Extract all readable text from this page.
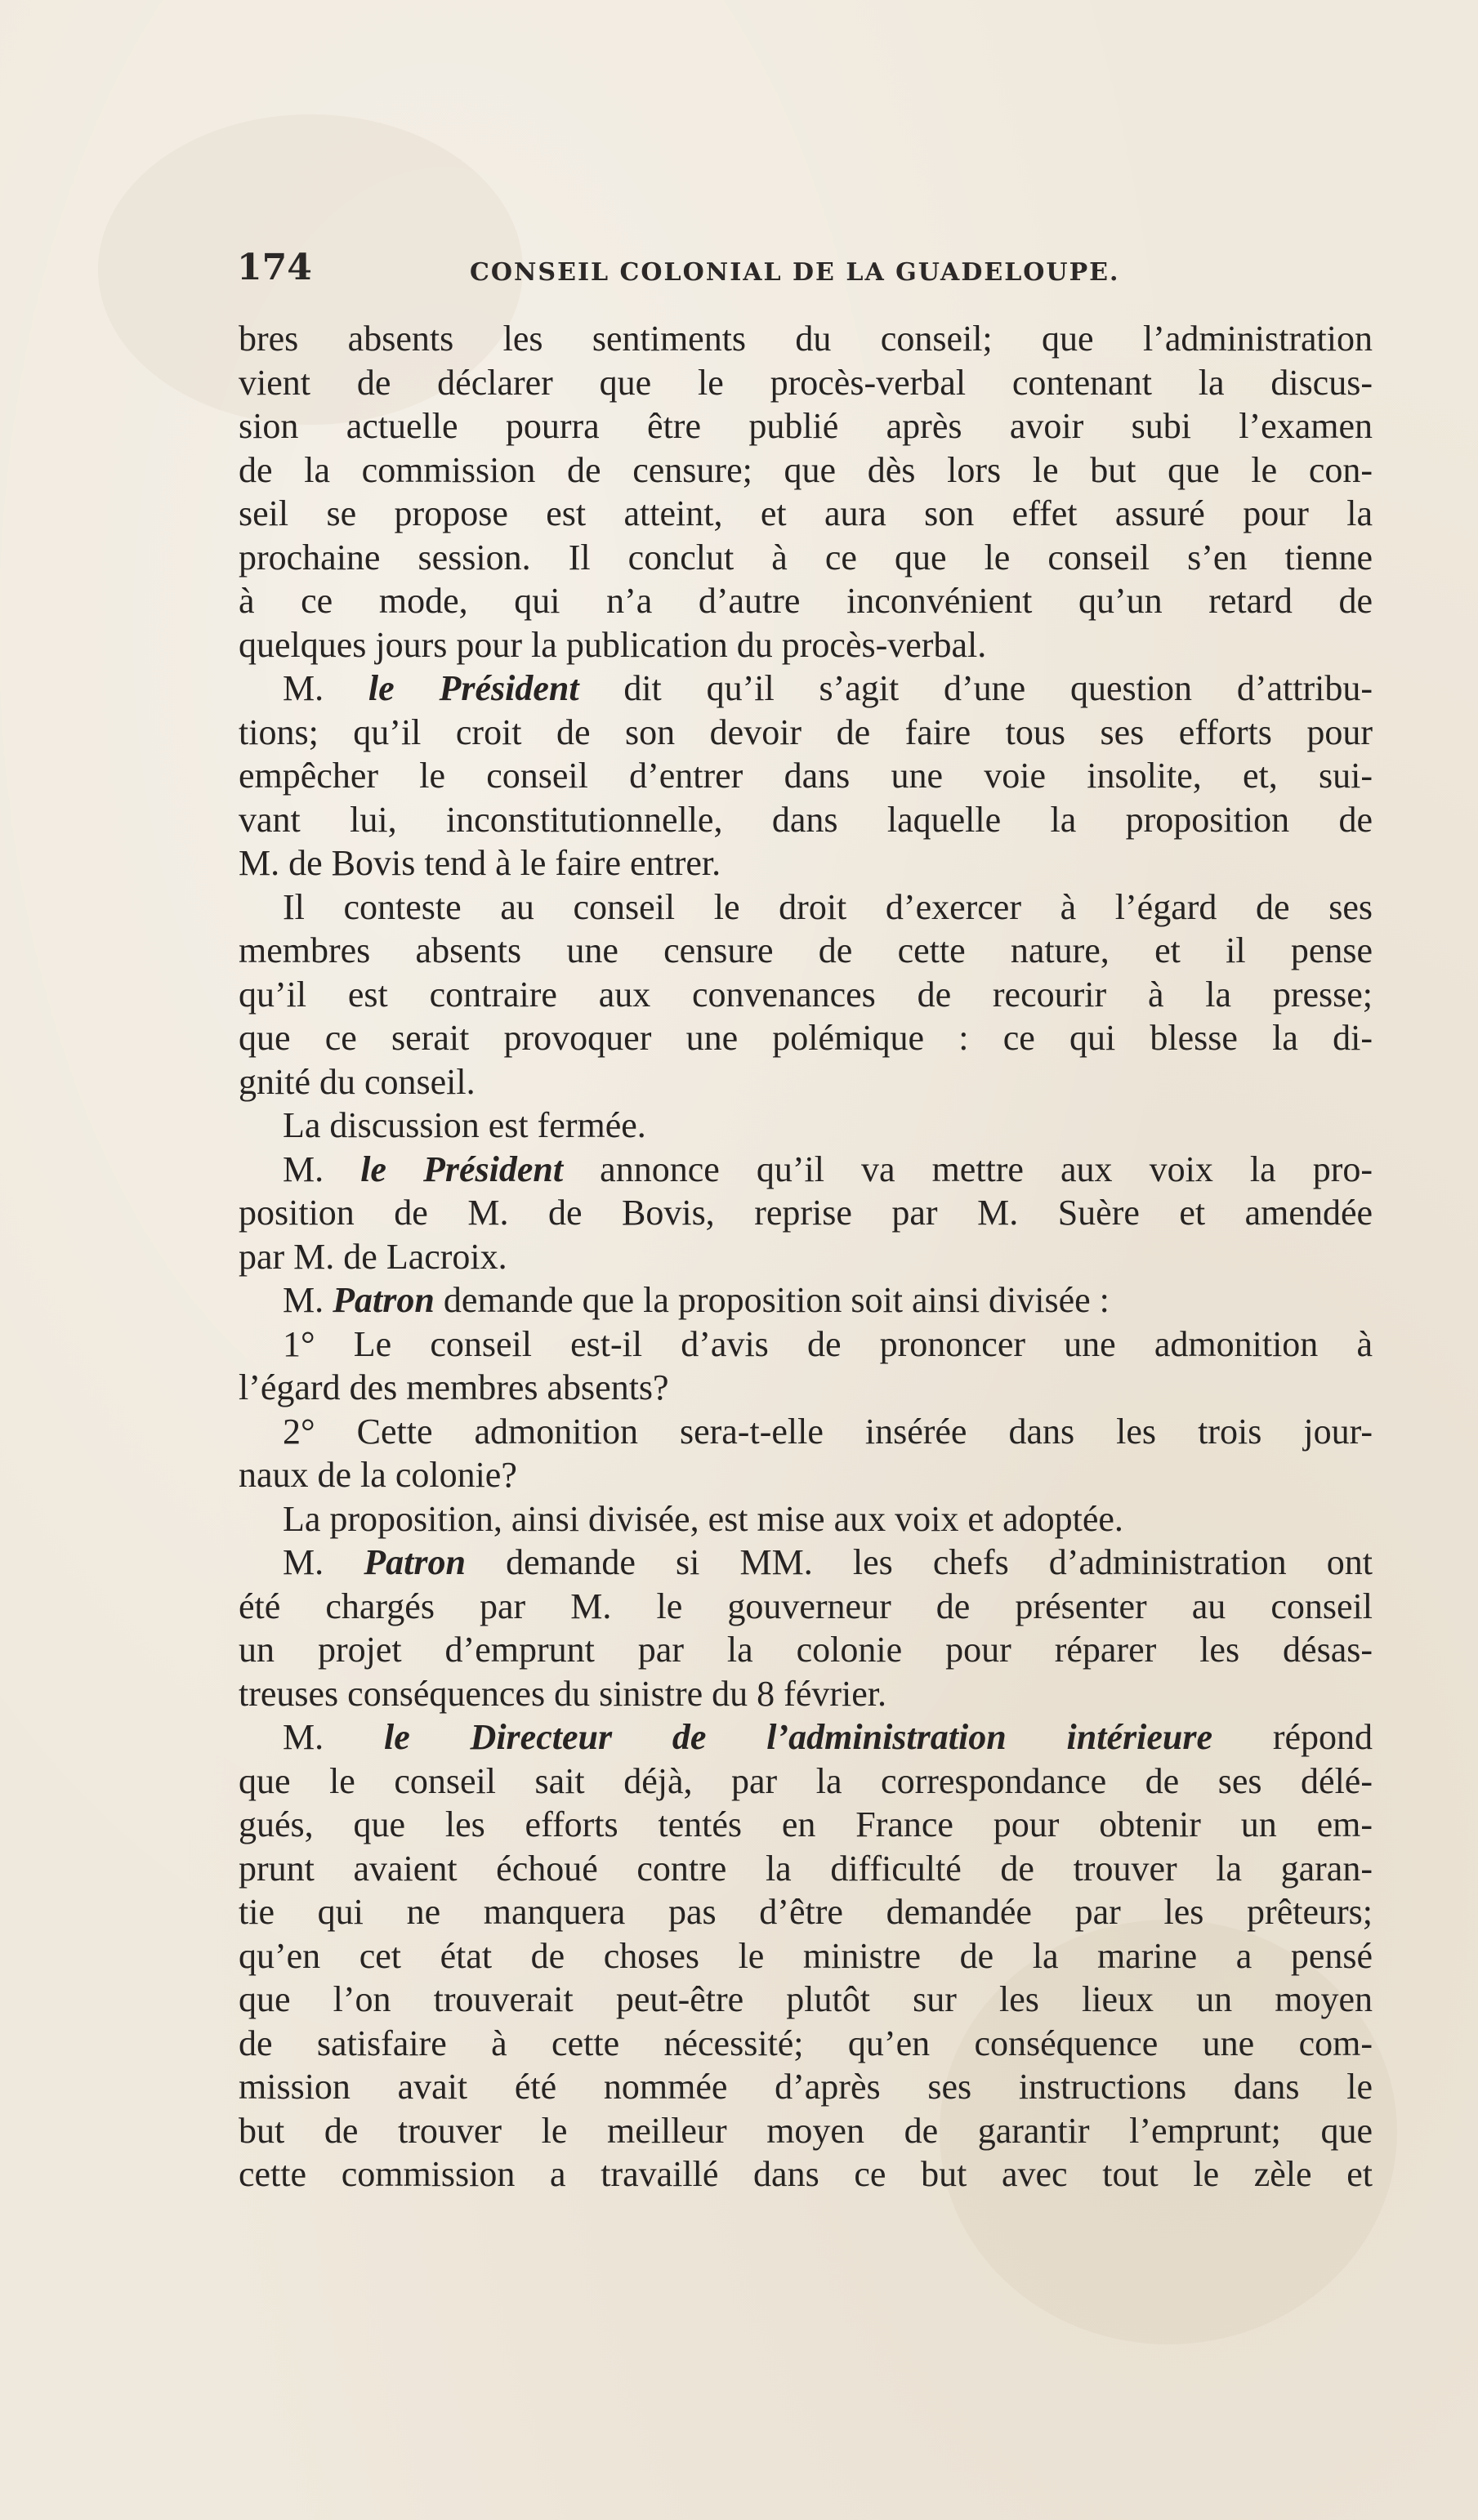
174	CONSEIL COLONIAL DE LA GUADELOUPE.
bres absents les sentiments du conseil; que l’administration
vient de déclarer que le procès-verbal contenant la discus-
sion actuelle pourra être publié après avoir subi l’examen
de la commission de censure; que dès lors le but que le con-
seil se propose est atteint, et aura son effet assuré pour la
prochaine session. Il conclut à ce que le conseil s’en tienne
à ce mode, qui n’a d’autre inconvénient qu’un retard de
quelques jours pour la publication du procès-verbal.
M. le Président dit qu’il s’agit d’une question d’attribu-
tions; qu’il croit de son devoir de faire tous ses efforts pour
empêcher le conseil d’entrer dans une voie insolite, et, sui-
vant lui, inconstitutionnelle, dans laquelle la proposition de
M. de Bovis tend à le faire entrer.
Il conteste au conseil le droit d’exercer à l’égard de ses
membres absents une censure de cette nature, et il pense
qu’il est contraire aux convenances de recourir à la presse;
que ce serait provoquer une polémique : ce qui blesse la di-
gnité du conseil.
La discussion est fermée.
M. le Président annonce qu’il va mettre aux voix la pro-
position de M. de Bovis, reprise par M. Suère et amendée
par M. de Lacroix.
M. Patron demande que la proposition soit ainsi divisée :
1° Le conseil est-il d’avis de prononcer une admonition à
l’égard des membres absents?
2° Cette admonition sera-t-elle insérée dans les trois jour-
naux de la colonie?
La proposition, ainsi divisée, est mise aux voix et adoptée.
M. Patron demande si MM. les chefs d’administration ont
été chargés par M. le gouverneur de présenter au conseil
un projet d’emprunt par la colonie pour réparer les désas-
treuses conséquences du sinistre du 8 février.
M. le Directeur de l’administration intérieure répond
que le conseil sait déjà, par la correspondance de ses délé-
gués, que les efforts tentés en France pour obtenir un em-
prunt avaient échoué contre la difficulté de trouver la garan-
tie qui ne manquera pas d’être demandée par les prêteurs;
qu’en cet état de choses le ministre de la marine a pensé
que l’on trouverait peut-être plutôt sur les lieux un moyen
de satisfaire à cette nécessité; qu’en conséquence une com-
mission avait été nommée d’après ses instructions dans le
but de trouver le meilleur moyen de garantir l’emprunt; que
cette commission a travaillé dans ce but avec tout le zèle et
